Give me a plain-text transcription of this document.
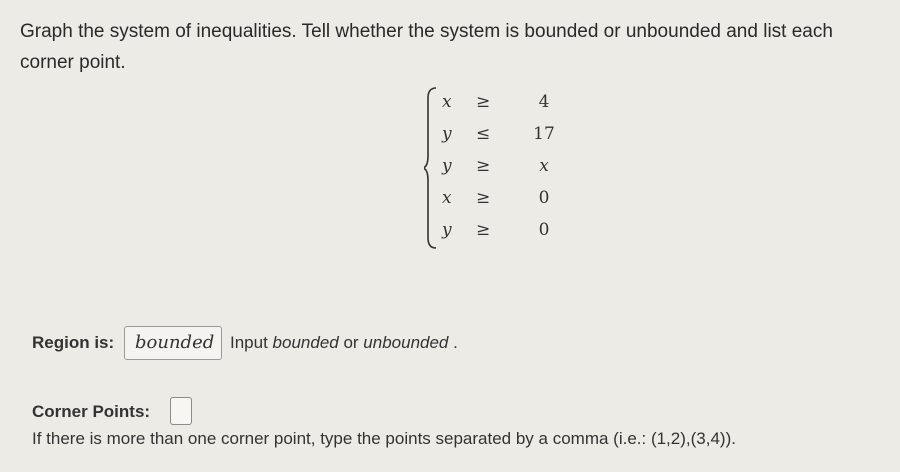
Graph the system of inequalities. Tell whether the system is bounded or unbounded and list each corner point.
x ≥	4
y ≤	17
y ≥	x
x ≥	0
y ≥	0
Region is:	bounded Input bounded or unbounded .
Corner Points:
If there is more than one corner point, type the points separated by a comma (i.e.: (1,2),(3,4)).
